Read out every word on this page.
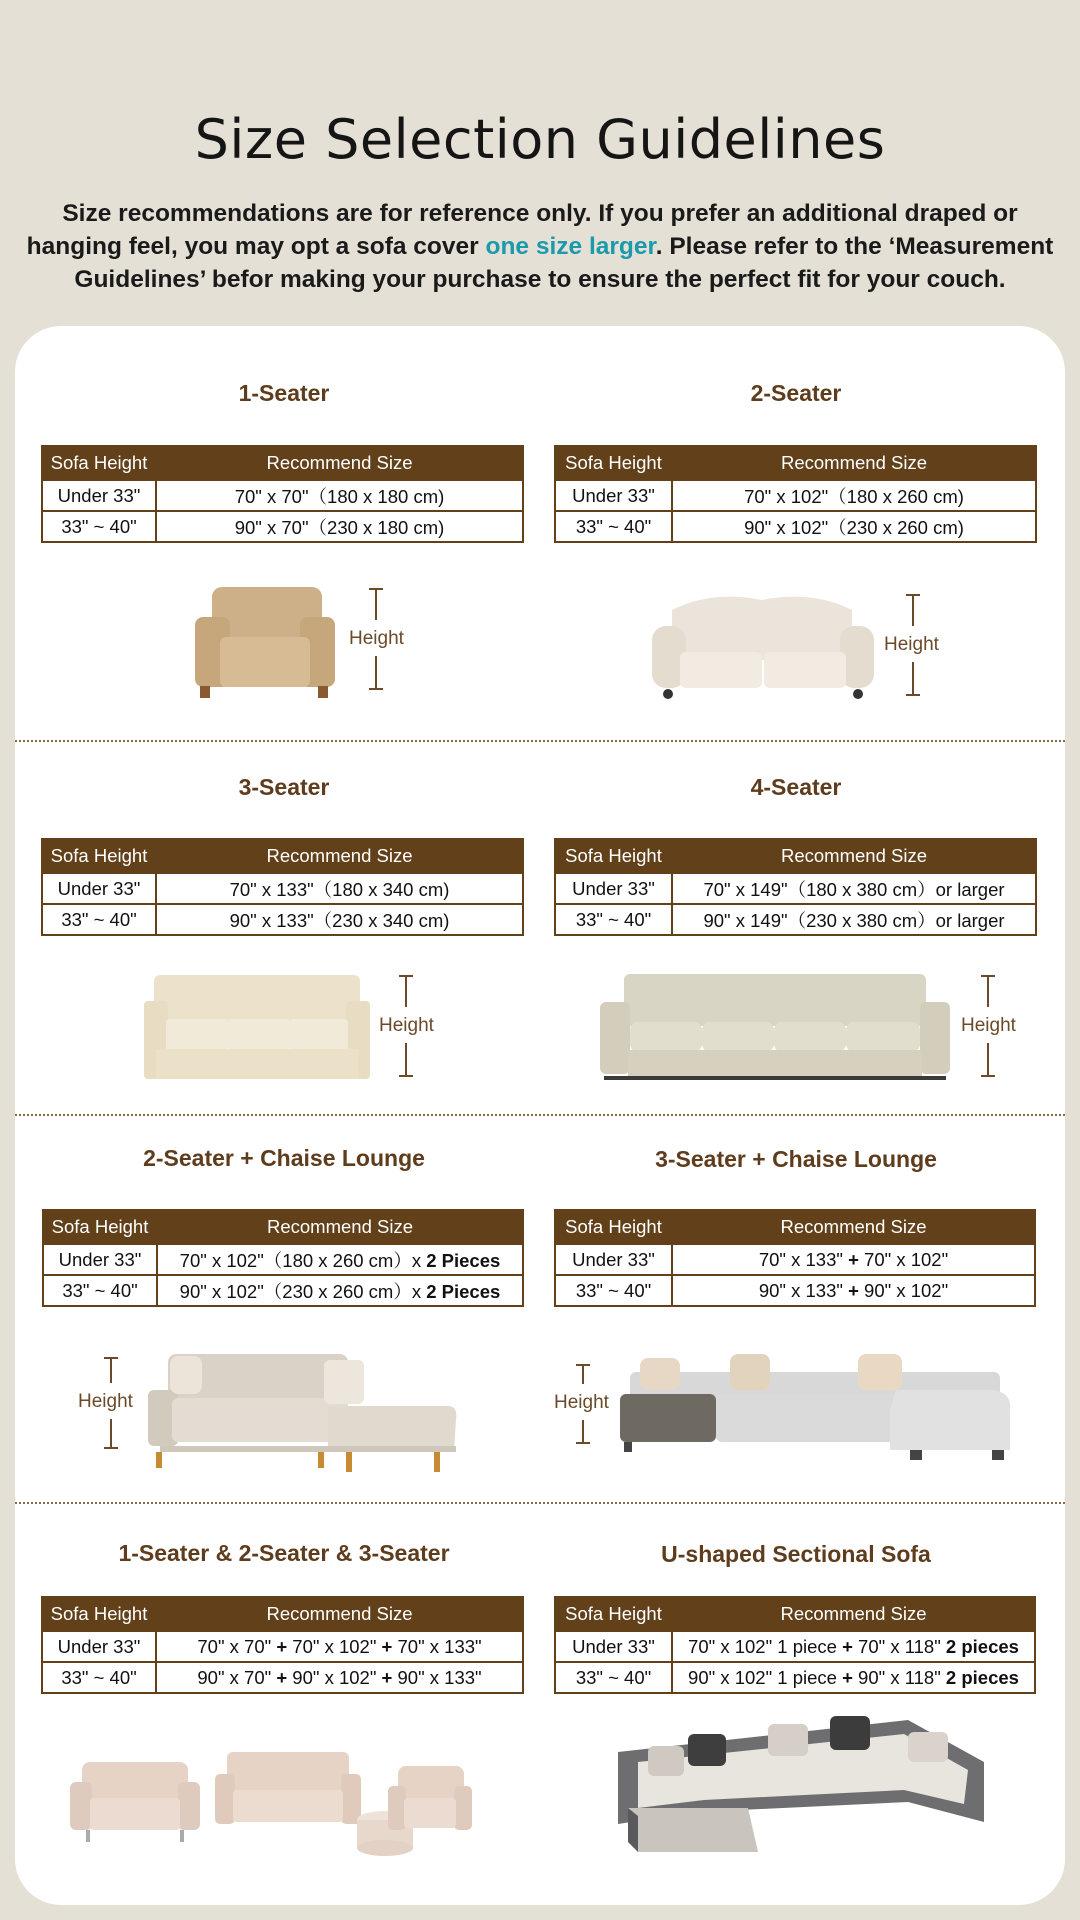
Size Selection Guidelines
Size recommendations are for reference only. If you prefer an additional draped or hanging feel, you may opt a sofa cover one size larger. Please refer to the ‘Measurement Guidelines’ befor making your purchase to ensure the perfect fit for your couch.
1-Seater
Sofa Height	Recommend Size
Under 33"	70" x 70"（180 x 180 cm)
33" ~ 40"	90" x 70"（230 x 180 cm)
Height
2-Seater
Sofa Height	Recommend Size
Under 33"	70" x 102"（180 x 260 cm)
33" ~ 40"	90" x 102"（230 x 260 cm)
Height
3-Seater
Sofa Height	Recommend Size
Under 33"	70" x 133"（180 x 340 cm)
33" ~ 40"	90" x 133"（230 x 340 cm)
Height
4-Seater
Sofa Height	Recommend Size
Under 33"	70" x 149"（180 x 380 cm）or larger
33" ~ 40"	90" x 149"（230 x 380 cm）or larger
Height
2-Seater + Chaise Lounge
Sofa Height	Recommend Size
Under 33"	70" x 102"（180 x 260 cm）x 2 Pieces
33" ~ 40"	90" x 102"（230 x 260 cm）x 2 Pieces
Height
3-Seater + Chaise Lounge
Sofa Height	Recommend Size
Under 33"	70" x 133" + 70" x 102"
33" ~ 40"	90" x 133" + 90" x 102"
Height
1-Seater & 2-Seater & 3-Seater
Sofa Height	Recommend Size
Under 33"	70" x 70" + 70" x 102" + 70" x 133"
33" ~ 40"	90" x 70" + 90" x 102" + 90" x 133"
U-shaped Sectional Sofa
Sofa Height	Recommend Size
Under 33"	70" x 102" 1 piece + 70" x 118" 2 pieces
33" ~ 40"	90" x 102" 1 piece + 90" x 118" 2 pieces
